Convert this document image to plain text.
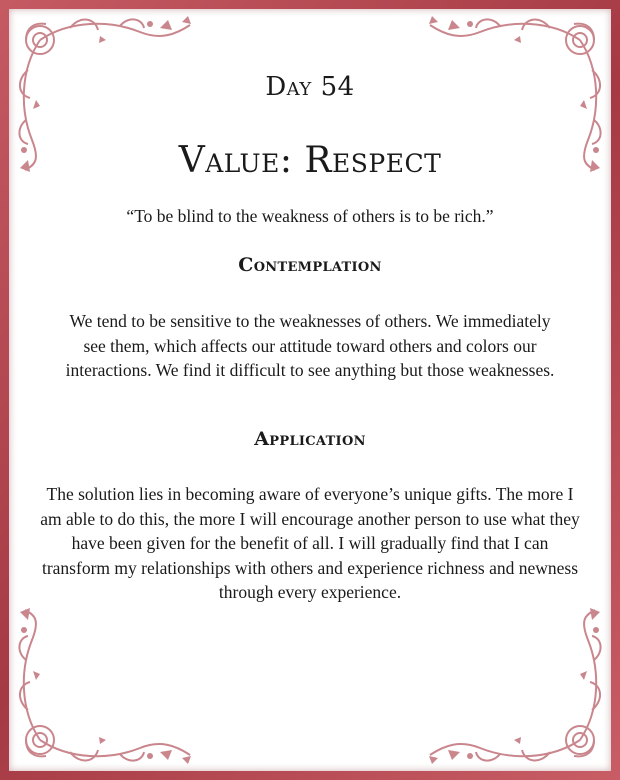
Day 54
Value: Respect
“To be blind to the weakness of others is to be rich.”
Contemplation
We tend to be sensitive to the weaknesses of others. We immediately see them, which affects our attitude toward others and colors our interactions. We find it difficult to see anything but those weaknesses.
Application
The solution lies in becoming aware of everyone’s unique gifts. The more I am able to do this, the more I will encourage another person to use what they have been given for the benefit of all. I will gradually find that I can transform my relationships with others and experience richness and newness through every experience.
